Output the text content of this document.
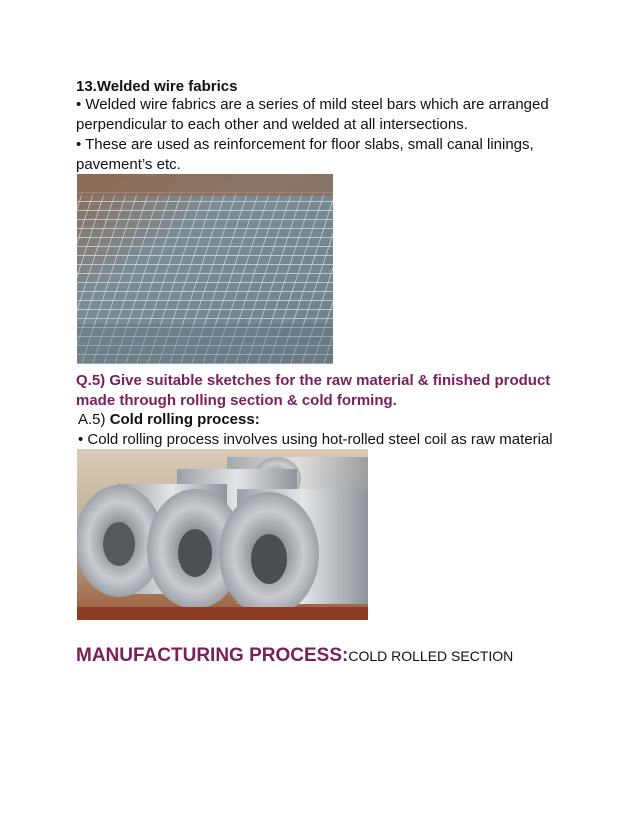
13.Welded wire fabrics
• Welded wire fabrics are a series of mild steel bars which are arranged
perpendicular to each other and welded at all intersections.
• These are used as reinforcement for floor slabs, small canal linings,
pavement’s etc.
Q.5) Give suitable sketches for the raw material & finished product
made through rolling section & cold forming.
A.5) Cold rolling process:
• Cold rolling process involves using hot-rolled steel coil as raw material
MANUFACTURING PROCESS:COLD ROLLED SECTION
